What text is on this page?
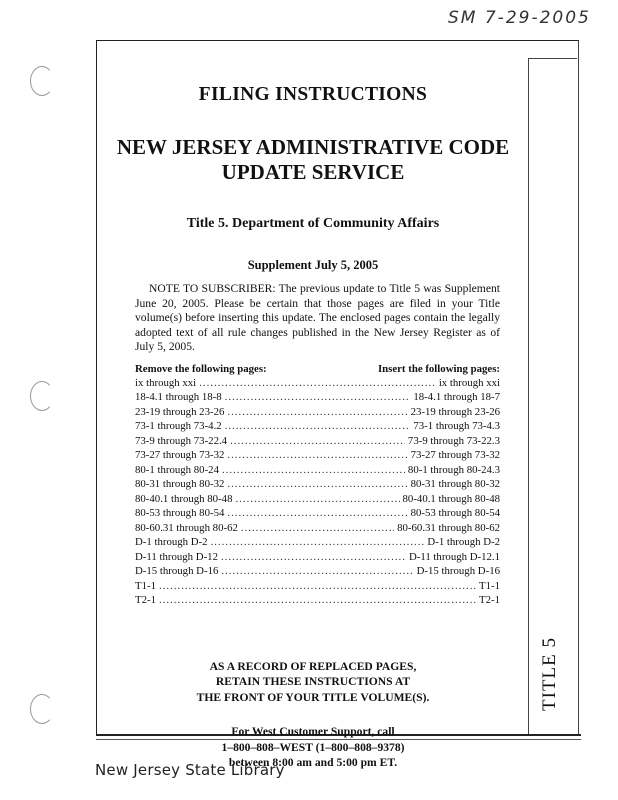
SM 7-29-2005
TITLE 5
FILING INSTRUCTIONS
NEW JERSEY ADMINISTRATIVE CODE
UPDATE SERVICE
Title 5. Department of Community Affairs
Supplement July 5, 2005
NOTE TO SUBSCRIBER: The previous update to Title 5 was Supplement June 20, 2005. Please be certain that those pages are filed in your Title volume(s) before inserting this update. The enclosed pages contain the legally adopted text of all rule changes published in the New Jersey Register as of July 5, 2005.
Remove the following pages:	Insert the following pages:
ix through xxi .....	ix through xxi
18-4.1 through 18-8 .....	18-4.1 through 18-7
23-19 through 23-26 .....	23-19 through 23-26
73-1 through 73-4.2 .....	73-1 through 73-4.3
73-9 through 73-22.4 .....	73-9 through 73-22.3
73-27 through 73-32 .....	73-27 through 73-32
80-1 through 80-24 .....	80-1 through 80-24.3
80-31 through 80-32 .....	80-31 through 80-32
80-40.1 through 80-48 .....	80-40.1 through 80-48
80-53 through 80-54 .....	80-53 through 80-54
80-60.31 through 80-62 .....	80-60.31 through 80-62
D-1 through D-2 .....	D-1 through D-2
D-11 through D-12 .....	D-11 through D-12.1
D-15 through D-16 .....	D-15 through D-16
T1-1 .....	T1-1
T2-1 .....	T2-1
AS A RECORD OF REPLACED PAGES,
RETAIN THESE INSTRUCTIONS AT
THE FRONT OF YOUR TITLE VOLUME(S).
For West Customer Support, call
1–800–808–WEST (1–800–808–9378)
between 8:00 am and 5:00 pm ET.
New Jersey State Library
